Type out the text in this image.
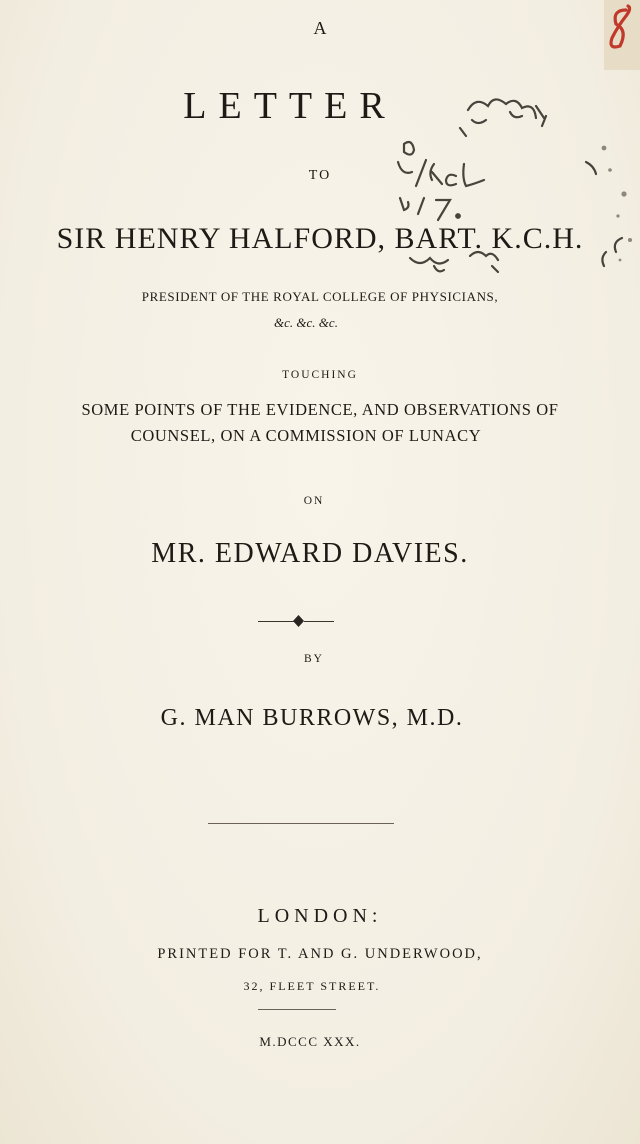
A
LETTER
TO
SIR HENRY HALFORD, BART. K.C.H.
PRESIDENT OF THE ROYAL COLLEGE OF PHYSICIANS,
&c. &c. &c.
TOUCHING
SOME POINTS OF THE EVIDENCE, AND OBSERVATIONS OF
COUNSEL, ON A COMMISSION OF LUNACY
ON
MR. EDWARD DAVIES.
BY
G. MAN BURROWS, M.D.
LONDON:
PRINTED FOR T. AND G. UNDERWOOD,
32, FLEET STREET.
M.DCCC XXX.
